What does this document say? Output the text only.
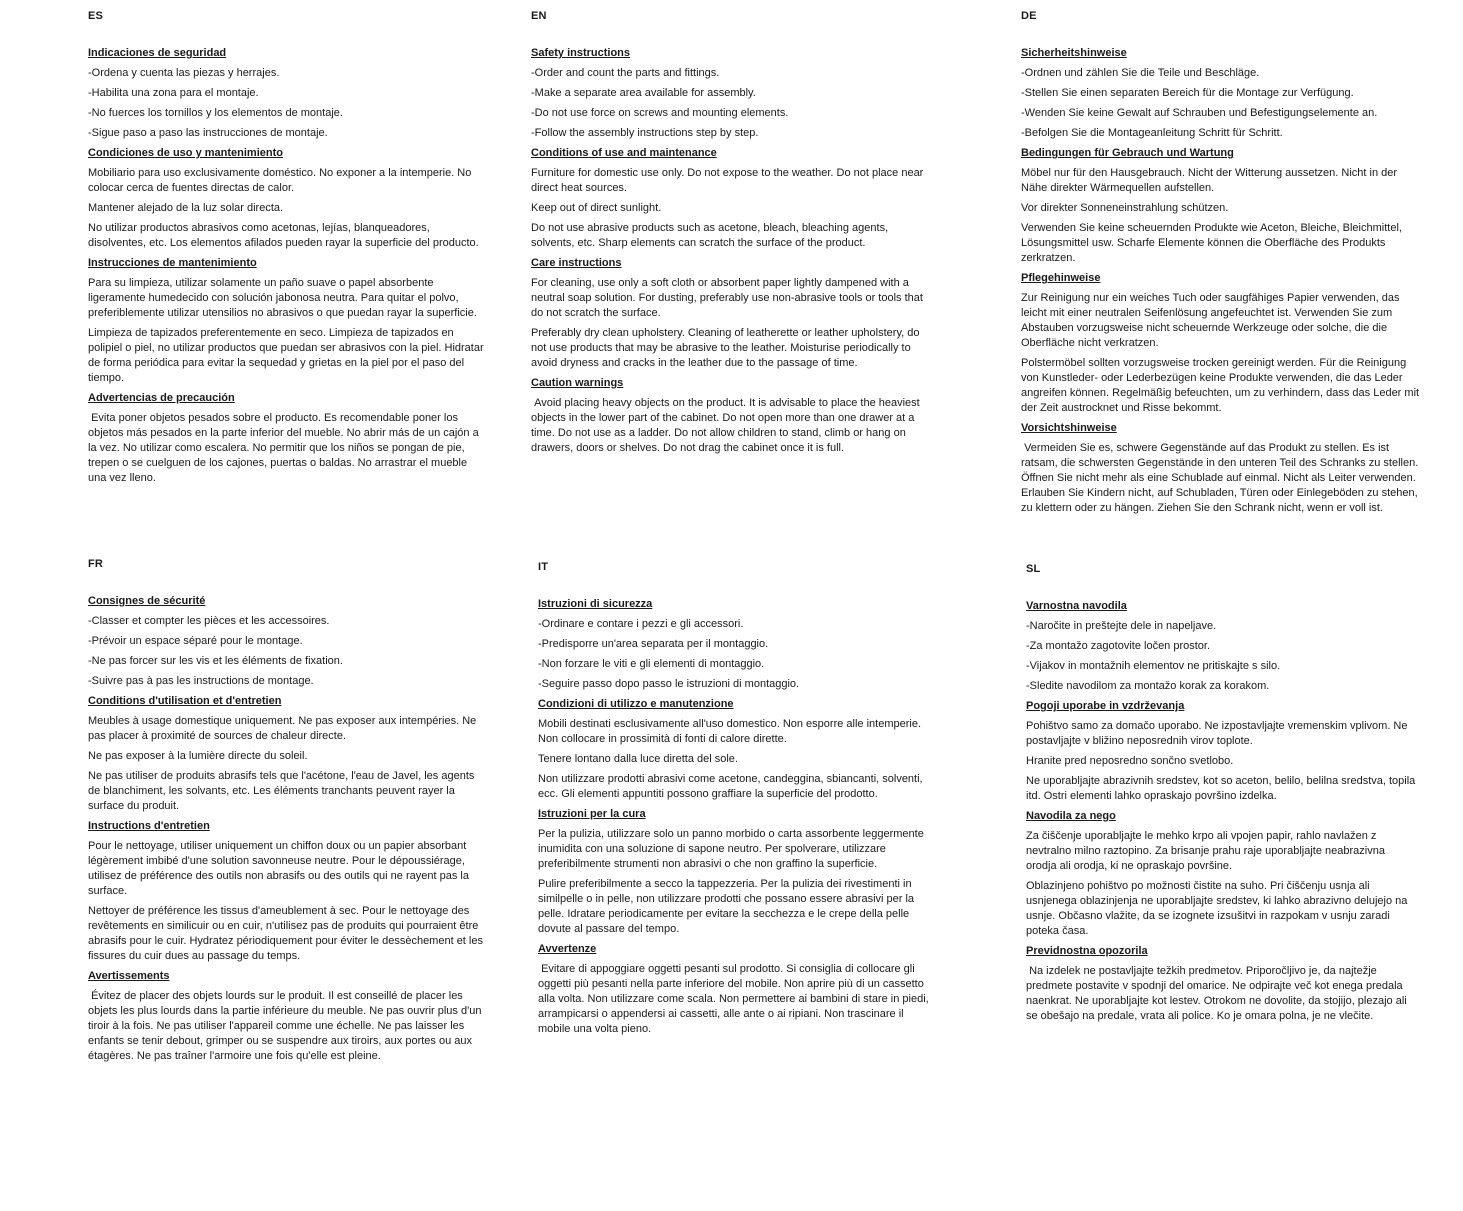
ES
Indicaciones de seguridad

-Ordena y cuenta las piezas y herrajes.

-Habilita una zona para el montaje.

-No fuerces los tornillos y los elementos de montaje.

-Sigue paso a paso las instrucciones de montaje.

Condiciones de uso y mantenimiento

Mobiliario para uso exclusivamente doméstico. No exponer a la intemperie. No colocar cerca de fuentes directas de calor.

Mantener alejado de la luz solar directa.

No utilizar productos abrasivos como acetonas, lejías, blanqueadores, disolventes, etc. Los elementos afilados pueden rayar la superficie del producto.

Instrucciones de mantenimiento

Para su limpieza, utilizar solamente un paño suave o papel absorbente ligeramente humedecido con solución jabonosa neutra. Para quitar el polvo, preferiblemente utilizar utensilios no abrasivos o que puedan rayar la superficie.

Limpieza de tapizados preferentemente en seco. Limpieza de tapizados en polipiel o piel, no utilizar productos que puedan ser abrasivos con la piel. Hidratar de forma periódica para evitar la sequedad y grietas en la piel por el paso del tiempo.

Advertencias de precaución

Evita poner objetos pesados sobre el producto. Es recomendable poner los objetos más pesados en la parte inferior del mueble. No abrir más de un cajón a la vez. No utilizar como escalera. No permitir que los niños se pongan de pie, trepen o se cuelguen de los cajones, puertas o baldas. No arrastrar el mueble una vez lleno.

EN
Safety instructions

-Order and count the parts and fittings.

-Make a separate area available for assembly.

-Do not use force on screws and mounting elements.

-Follow the assembly instructions step by step.

Conditions of use and maintenance

Furniture for domestic use only. Do not expose to the weather. Do not place near direct heat sources.

Keep out of direct sunlight.

Do not use abrasive products such as acetone, bleach, bleaching agents, solvents, etc. Sharp elements can scratch the surface of the product.

Care instructions

For cleaning, use only a soft cloth or absorbent paper lightly dampened with a neutral soap solution. For dusting, preferably use non-abrasive tools or tools that do not scratch the surface.

Preferably dry clean upholstery. Cleaning of leatherette or leather upholstery, do not use products that may be abrasive to the leather. Moisturise periodically to avoid dryness and cracks in the leather due to the passage of time.

Caution warnings

Avoid placing heavy objects on the product. It is advisable to place the heaviest objects in the lower part of the cabinet. Do not open more than one drawer at a time. Do not use as a ladder. Do not allow children to stand, climb or hang on drawers, doors or shelves. Do not drag the cabinet once it is full.

DE
Sicherheitshinweise

-Ordnen und zählen Sie die Teile und Beschläge.

-Stellen Sie einen separaten Bereich für die Montage zur Verfügung.

-Wenden Sie keine Gewalt auf Schrauben und Befestigungselemente an.

-Befolgen Sie die Montageanleitung Schritt für Schritt.

Bedingungen für Gebrauch und Wartung

Möbel nur für den Hausgebrauch. Nicht der Witterung aussetzen. Nicht in der Nähe direkter Wärmequellen aufstellen.

Vor direkter Sonneneinstrahlung schützen.

Verwenden Sie keine scheuernden Produkte wie Aceton, Bleiche, Bleichmittel, Lösungsmittel usw. Scharfe Elemente können die Oberfläche des Produkts zerkratzen.

Pflegehinweise

Zur Reinigung nur ein weiches Tuch oder saugfähiges Papier verwenden, das leicht mit einer neutralen Seifenlösung angefeuchtet ist. Verwenden Sie zum Abstauben vorzugsweise nicht scheuernde Werkzeuge oder solche, die die Oberfläche nicht verkratzen.

Polstermöbel sollten vorzugsweise trocken gereinigt werden. Für die Reinigung von Kunstleder- oder Lederbezügen keine Produkte verwenden, die das Leder angreifen können. Regelmäßig befeuchten, um zu verhindern, dass das Leder mit der Zeit austrocknet und Risse bekommt.

Vorsichtshinweise

Vermeiden Sie es, schwere Gegenstände auf das Produkt zu stellen. Es ist ratsam, die schwersten Gegenstände in den unteren Teil des Schranks zu stellen. Öffnen Sie nicht mehr als eine Schublade auf einmal. Nicht als Leiter verwenden. Erlauben Sie Kindern nicht, auf Schubladen, Türen oder Einlegeböden zu stehen, zu klettern oder zu hängen. Ziehen Sie den Schrank nicht, wenn er voll ist.

FR
Consignes de sécurité

-Classer et compter les pièces et les accessoires.

-Prévoir un espace séparé pour le montage.

-Ne pas forcer sur les vis et les éléments de fixation.

-Suivre pas à pas les instructions de montage.

Conditions d'utilisation et d'entretien

Meubles à usage domestique uniquement. Ne pas exposer aux intempéries. Ne pas placer à proximité de sources de chaleur directe.

Ne pas exposer à la lumière directe du soleil.

Ne pas utiliser de produits abrasifs tels que l'acétone, l'eau de Javel, les agents de blanchiment, les solvants, etc. Les éléments tranchants peuvent rayer la surface du produit.

Instructions d'entretien

Pour le nettoyage, utiliser uniquement un chiffon doux ou un papier absorbant légèrement imbibé d'une solution savonneuse neutre. Pour le dépoussiérage, utilisez de préférence des outils non abrasifs ou des outils qui ne rayent pas la surface.

Nettoyer de préférence les tissus d'ameublement à sec. Pour le nettoyage des revêtements en similicuir ou en cuir, n'utilisez pas de produits qui pourraient être abrasifs pour le cuir. Hydratez périodiquement pour éviter le dessèchement et les fissures du cuir dues au passage du temps.

Avertissements

Évitez de placer des objets lourds sur le produit. Il est conseillé de placer les objets les plus lourds dans la partie inférieure du meuble. Ne pas ouvrir plus d'un tiroir à la fois. Ne pas utiliser l'appareil comme une échelle. Ne pas laisser les enfants se tenir debout, grimper ou se suspendre aux tiroirs, aux portes ou aux étagères. Ne pas traîner l'armoire une fois qu'elle est pleine.

IT
Istruzioni di sicurezza

-Ordinare e contare i pezzi e gli accessori.

-Predisporre un'area separata per il montaggio.

-Non forzare le viti e gli elementi di montaggio.

-Seguire passo dopo passo le istruzioni di montaggio.

Condizioni di utilizzo e manutenzione

Mobili destinati esclusivamente all'uso domestico. Non esporre alle intemperie. Non collocare in prossimità di fonti di calore dirette.

Tenere lontano dalla luce diretta del sole.

Non utilizzare prodotti abrasivi come acetone, candeggina, sbiancanti, solventi, ecc. Gli elementi appuntiti possono graffiare la superficie del prodotto.

Istruzioni per la cura

Per la pulizia, utilizzare solo un panno morbido o carta assorbente leggermente inumidita con una soluzione di sapone neutro. Per spolverare, utilizzare preferibilmente strumenti non abrasivi o che non graffino la superficie.

Pulire preferibilmente a secco la tappezzeria. Per la pulizia dei rivestimenti in similpelle o in pelle, non utilizzare prodotti che possano essere abrasivi per la pelle. Idratare periodicamente per evitare la secchezza e le crepe della pelle dovute al passare del tempo.

Avvertenze

Evitare di appoggiare oggetti pesanti sul prodotto. Si consiglia di collocare gli oggetti più pesanti nella parte inferiore del mobile. Non aprire più di un cassetto alla volta. Non utilizzare come scala. Non permettere ai bambini di stare in piedi, arrampicarsi o appendersi ai cassetti, alle ante o ai ripiani. Non trascinare il mobile una volta pieno.

SL
Varnostna navodila

-Naročite in preštejte dele in napeljave.

-Za montažo zagotovite ločen prostor.

-Vijakov in montažnih elementov ne pritiskajte s silo.

-Sledite navodilom za montažo korak za korakom.

Pogoji uporabe in vzdrževanja

Pohištvo samo za domačo uporabo. Ne izpostavljajte vremenskim vplivom. Ne postavljajte v bližino neposrednih virov toplote.

Hranite pred neposredno sončno svetlobo.

Ne uporabljajte abrazivnih sredstev, kot so aceton, belilo, belilna sredstva, topila itd. Ostri elementi lahko opraskajo površino izdelka.

Navodila za nego

Za čiščenje uporabljajte le mehko krpo ali vpojen papir, rahlo navlažen z nevtralno milno raztopino. Za brisanje prahu raje uporabljajte neabrazivna orodja ali orodja, ki ne opraskajo površine.

Oblazinjeno pohištvo po možnosti čistite na suho. Pri čiščenju usnja ali usnjenega oblazinjenja ne uporabljajte sredstev, ki lahko abrazivno delujejo na usnje. Občasno vlažite, da se izognete izsušitvi in razpokam v usnju zaradi poteka časa.

Previdnostna opozorila

Na izdelek ne postavljajte težkih predmetov. Priporočljivo je, da najtežje predmete postavite v spodnji del omarice. Ne odpirajte več kot enega predala naenkrat. Ne uporabljajte kot lestev. Otrokom ne dovolite, da stojijo, plezajo ali se obešajo na predale, vrata ali police. Ko je omara polna, je ne vlečite.
